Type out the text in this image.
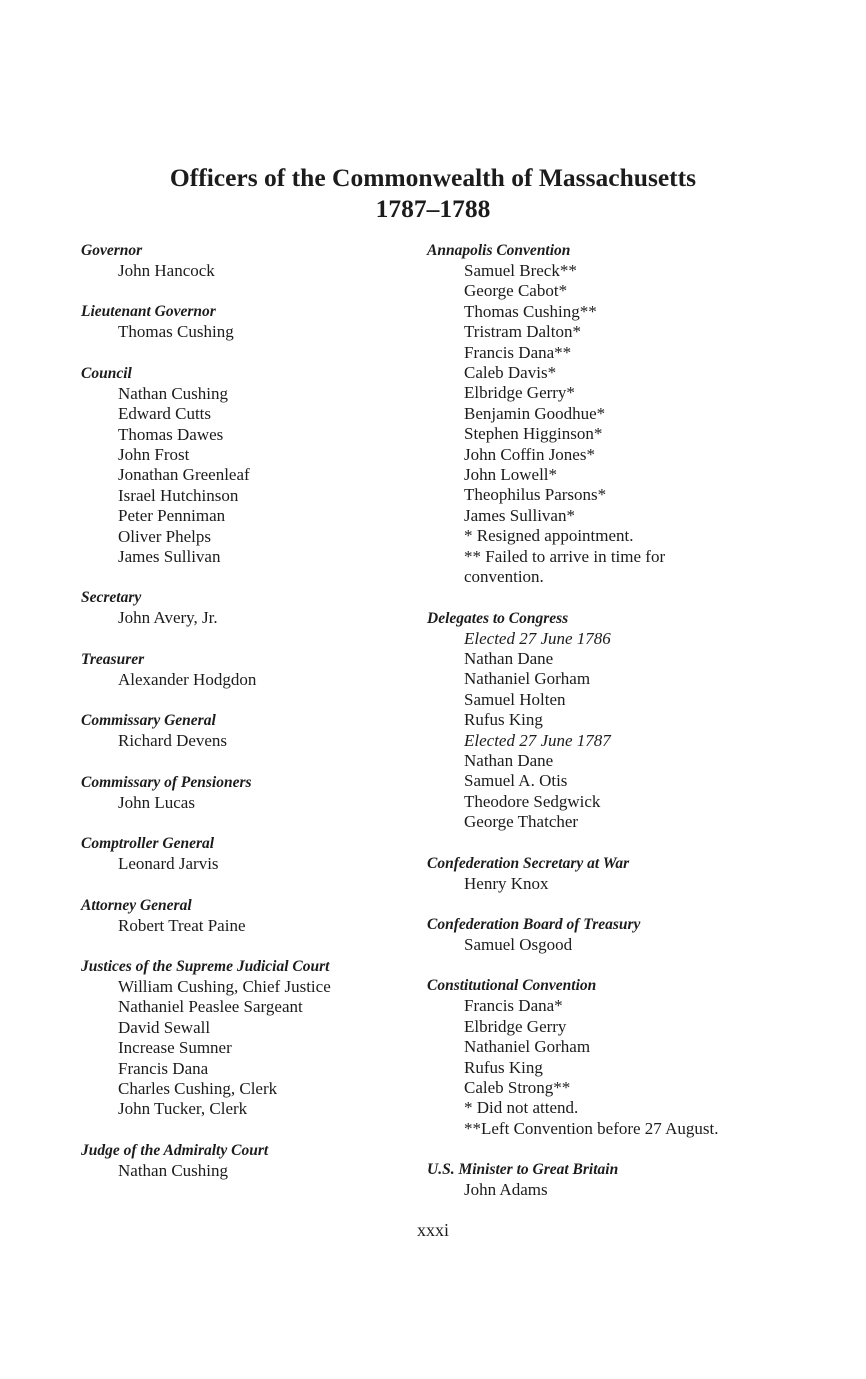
Officers of the Commonwealth of Massachusetts
1787–1788
Governor
John Hancock
Lieutenant Governor
Thomas Cushing
Council
Nathan Cushing
Edward Cutts
Thomas Dawes
John Frost
Jonathan Greenleaf
Israel Hutchinson
Peter Penniman
Oliver Phelps
James Sullivan
Secretary
John Avery, Jr.
Treasurer
Alexander Hodgdon
Commissary General
Richard Devens
Commissary of Pensioners
John Lucas
Comptroller General
Leonard Jarvis
Attorney General
Robert Treat Paine
Justices of the Supreme Judicial Court
William Cushing, Chief Justice
Nathaniel Peaslee Sargeant
David Sewall
Increase Sumner
Francis Dana
Charles Cushing, Clerk
John Tucker, Clerk
Judge of the Admiralty Court
Nathan Cushing
Annapolis Convention
Samuel Breck**
George Cabot*
Thomas Cushing**
Tristram Dalton*
Francis Dana**
Caleb Davis*
Elbridge Gerry*
Benjamin Goodhue*
Stephen Higginson*
John Coffin Jones*
John Lowell*
Theophilus Parsons*
James Sullivan*
* Resigned appointment.
** Failed to arrive in time for convention.
Delegates to Congress
Elected 27 June 1786
Nathan Dane
Nathaniel Gorham
Samuel Holten
Rufus King
Elected 27 June 1787
Nathan Dane
Samuel A. Otis
Theodore Sedgwick
George Thatcher
Confederation Secretary at War
Henry Knox
Confederation Board of Treasury
Samuel Osgood
Constitutional Convention
Francis Dana*
Elbridge Gerry
Nathaniel Gorham
Rufus King
Caleb Strong**
* Did not attend.
**Left Convention before 27 August.
U.S. Minister to Great Britain
John Adams
xxxi
